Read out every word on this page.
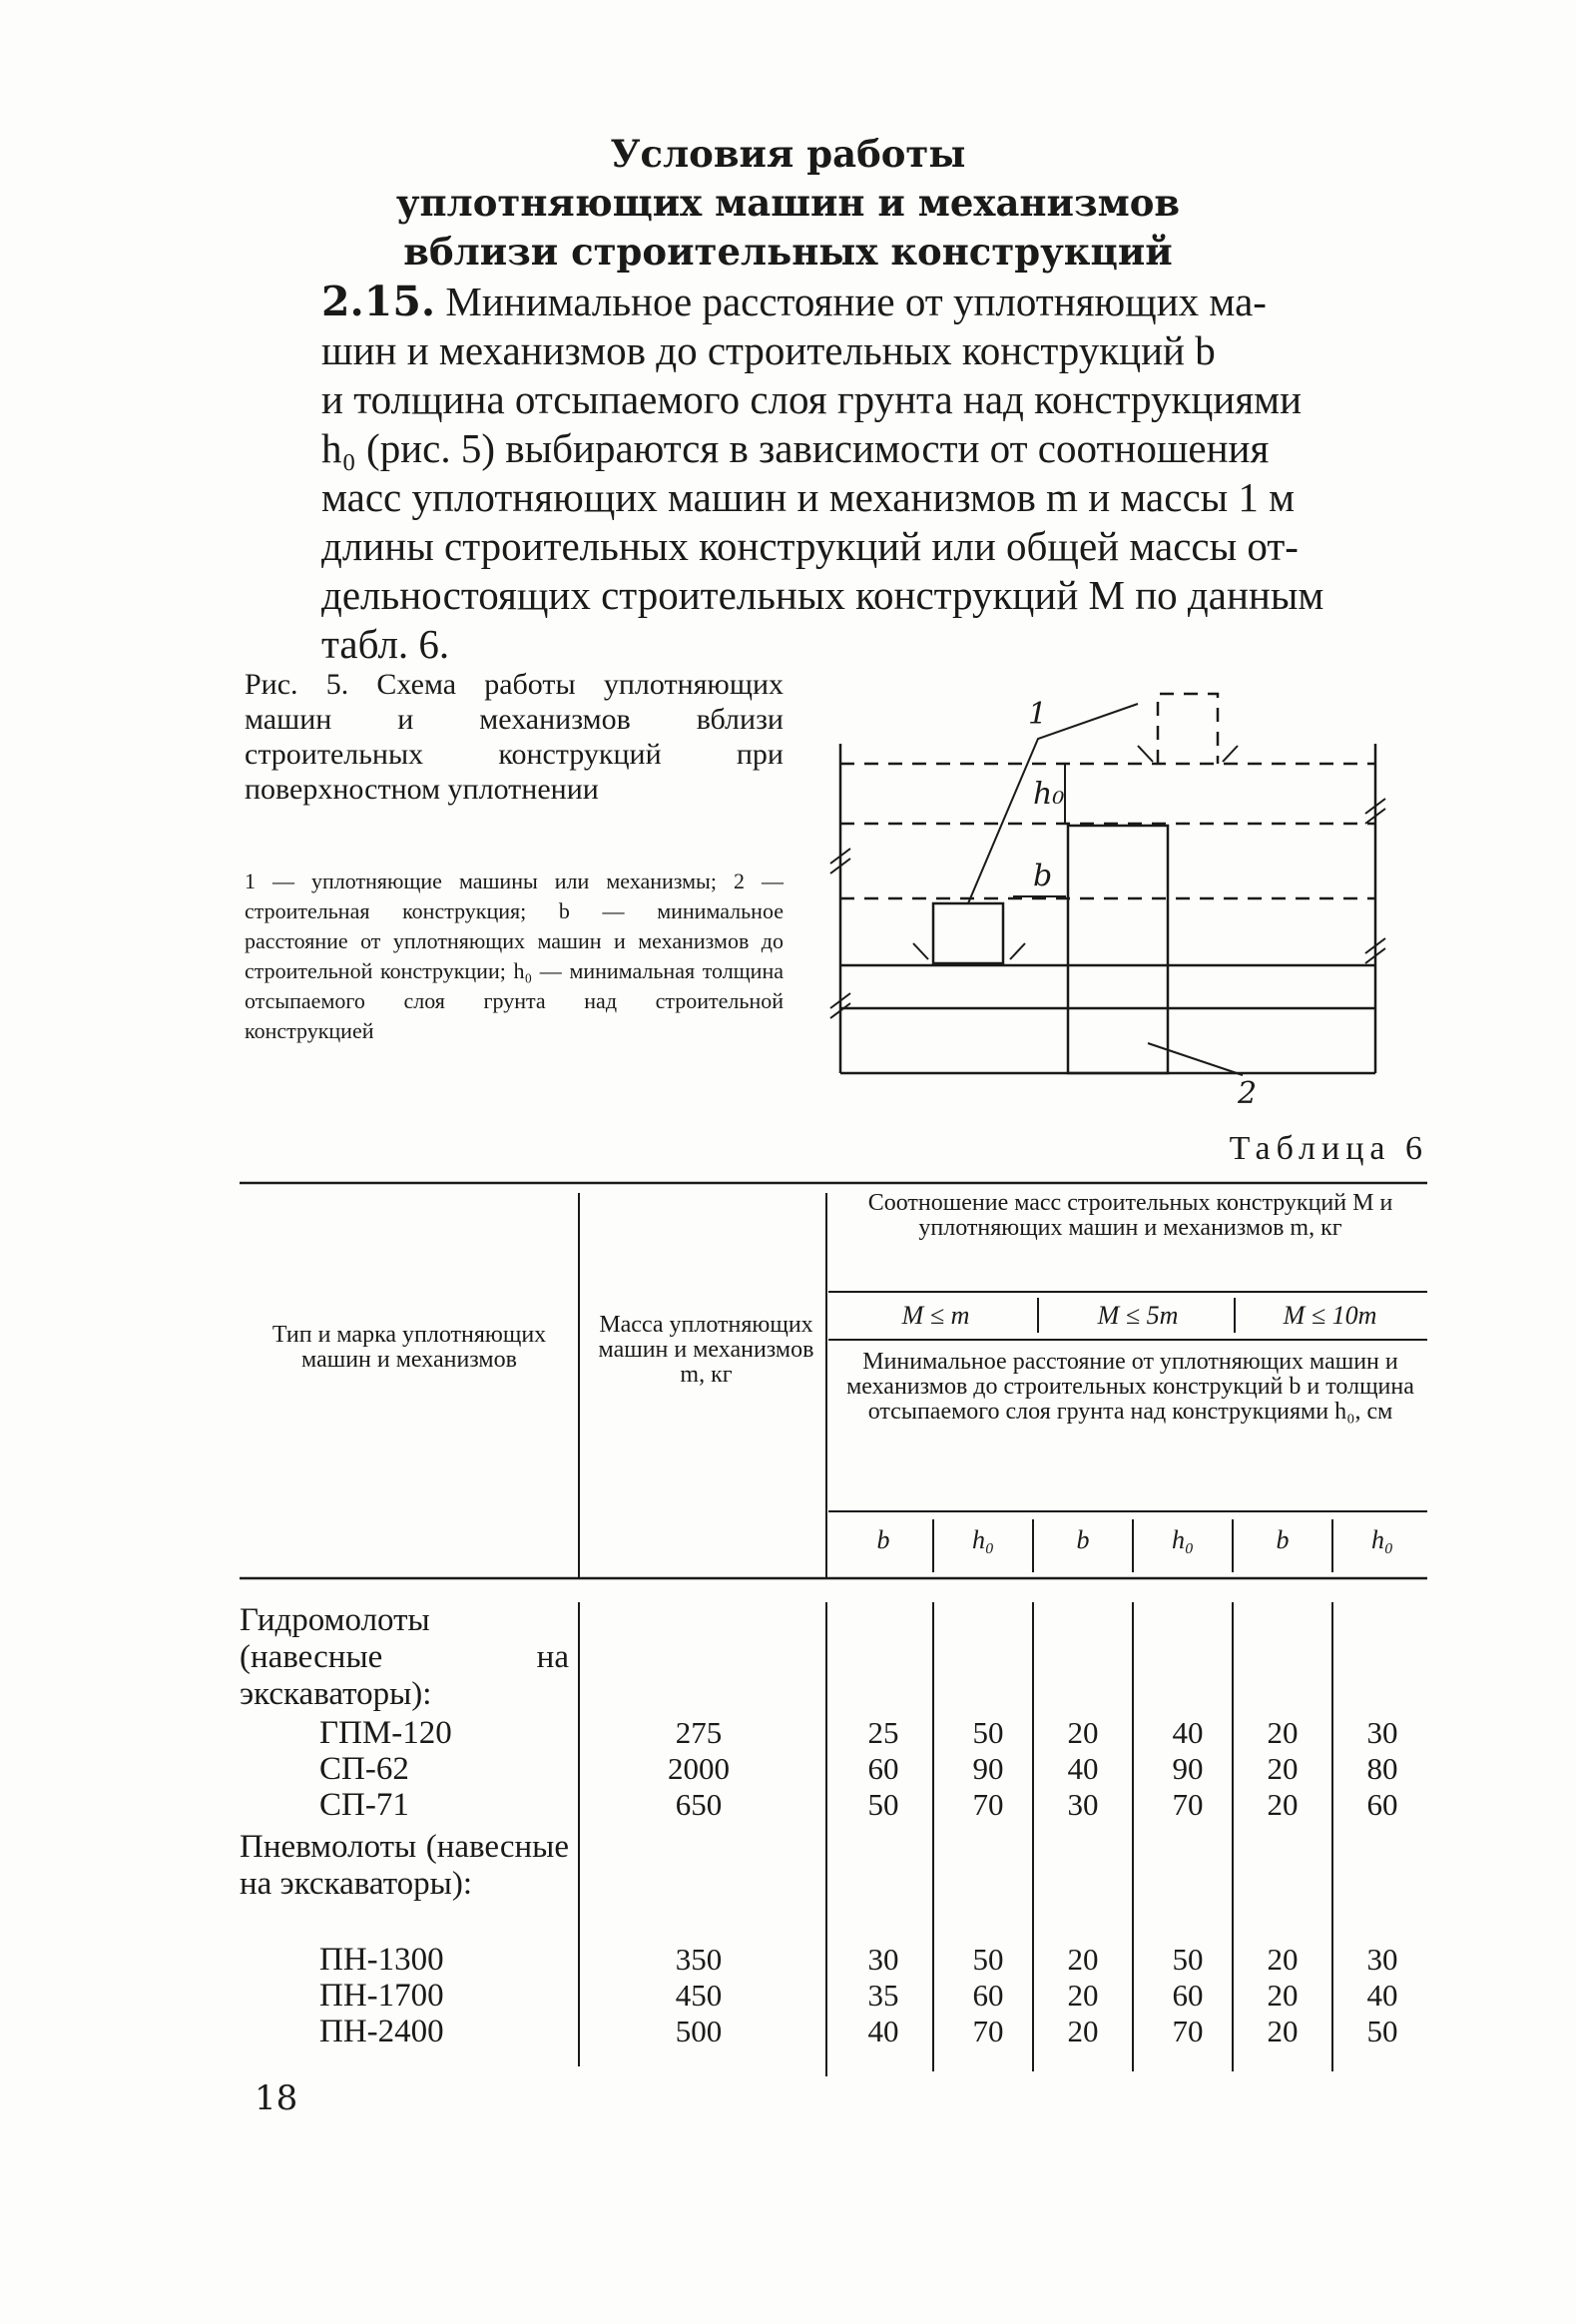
Условия работы
уплотняющих машин и механизмов
вблизи строительных конструкций
2.15. Минимальное расстояние от уплотняющих ма-
шин и механизмов до строительных конструкций b
и толщина отсыпаемого слоя грунта над конструкциями
h₀ (рис. 5) выбираются в зависимости от соотношения
масс уплотняющих машин и механизмов m и массы 1 м
длины строительных конструкций или общей массы от-
дельностоящих строительных конструкций M по данным
табл. 6.
Рис. 5. Схема работы уплотняющих машин и механизмов вблизи строительных конструкций при поверхностном уплотнении
1 — уплотняющие машины или механизмы; 2 — строительная конструкция; b — минимальное расстояние от уплотняющих машин и механизмов до строительной конструкции; h₀ — минимальная толщина отсыпаемого слоя грунта над строительной конструкцией
1
2
h₀
b
Таблица 6
Тип и марка уплотняющих машин и механизмов
Масса уплотняющих машин и механизмов m, кг
Соотношение масс строительных конструкций M и уплотняющих машин и механизмов m, кг
M ≤ m	M ≤ 5m	M ≤ 10m
Минимальное расстояние от уплотняющих машин и механизмов до строительных конструкций b и толщина отсыпаемого слоя грунта над конструкциями h₀, см
b	h₀	b	h₀	b	h₀
Гидромолоты (навесные на экскаваторы):
ГПМ-120	275	25	50	20	40	20	30
СП-62	2000	60	90	40	90	20	80
СП-71	650	50	70	30	70	20	60
Пневмолоты (навесные на экскаваторы):
ПН-1300	350	30	50	20	50	20	30
ПН-1700	450	35	60	20	60	20	40
ПН-2400	500	40	70	20	70	20	50
18
